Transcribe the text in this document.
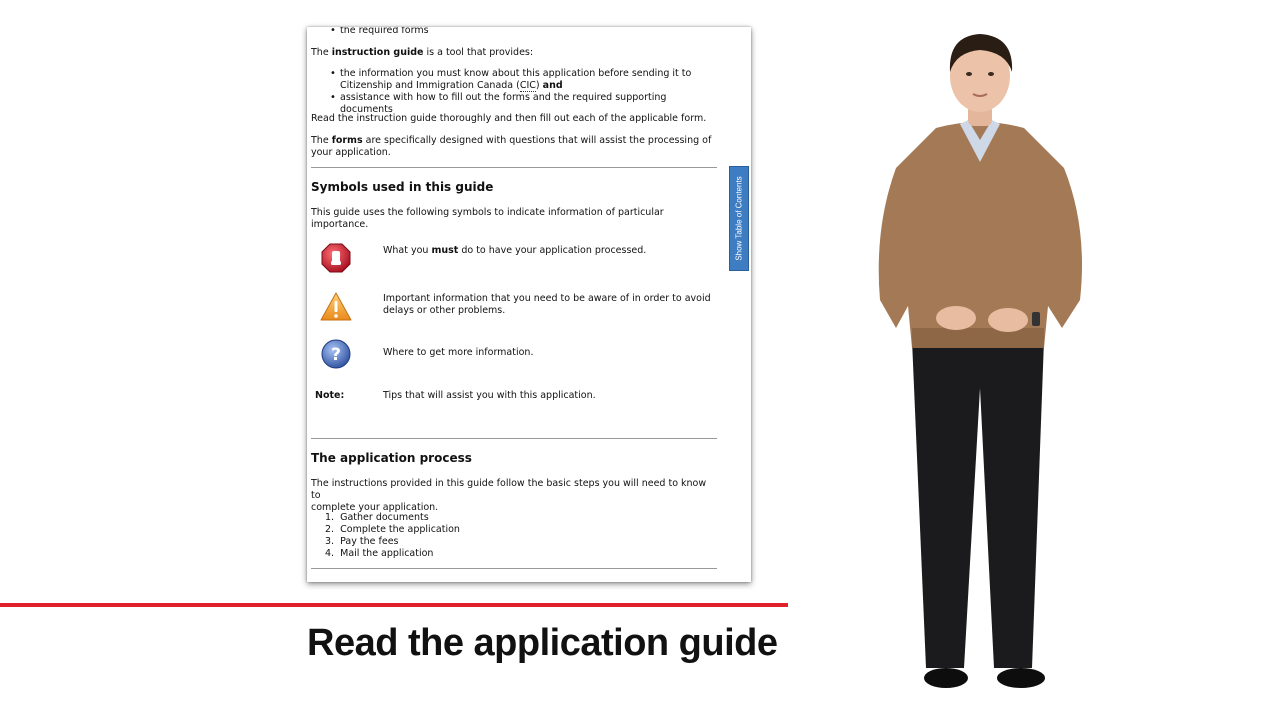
• the required forms
The instruction guide is a tool that provides:
• the information you must know about this application before sending it to
Citizenship and Immigration Canada (CIC) and
• assistance with how to fill out the forms and the required supporting documents
Read the instruction guide thoroughly and then fill out each of the applicable form.
The forms are specifically designed with questions that will assist the processing of
your application.
Symbols used in this guide
This guide uses the following symbols to indicate information of particular importance.
What you must do to have your application processed.
Important information that you need to be aware of in order to avoid
delays or other problems.
?	Where to get more information.
Note:	Tips that will assist you with this application.
The application process
The instructions provided in this guide follow the basic steps you will need to know to
complete your application.
1. Gather documents
2. Complete the application
3. Pay the fees
4. Mail the application
Show Table of Contents
Read the application guide
